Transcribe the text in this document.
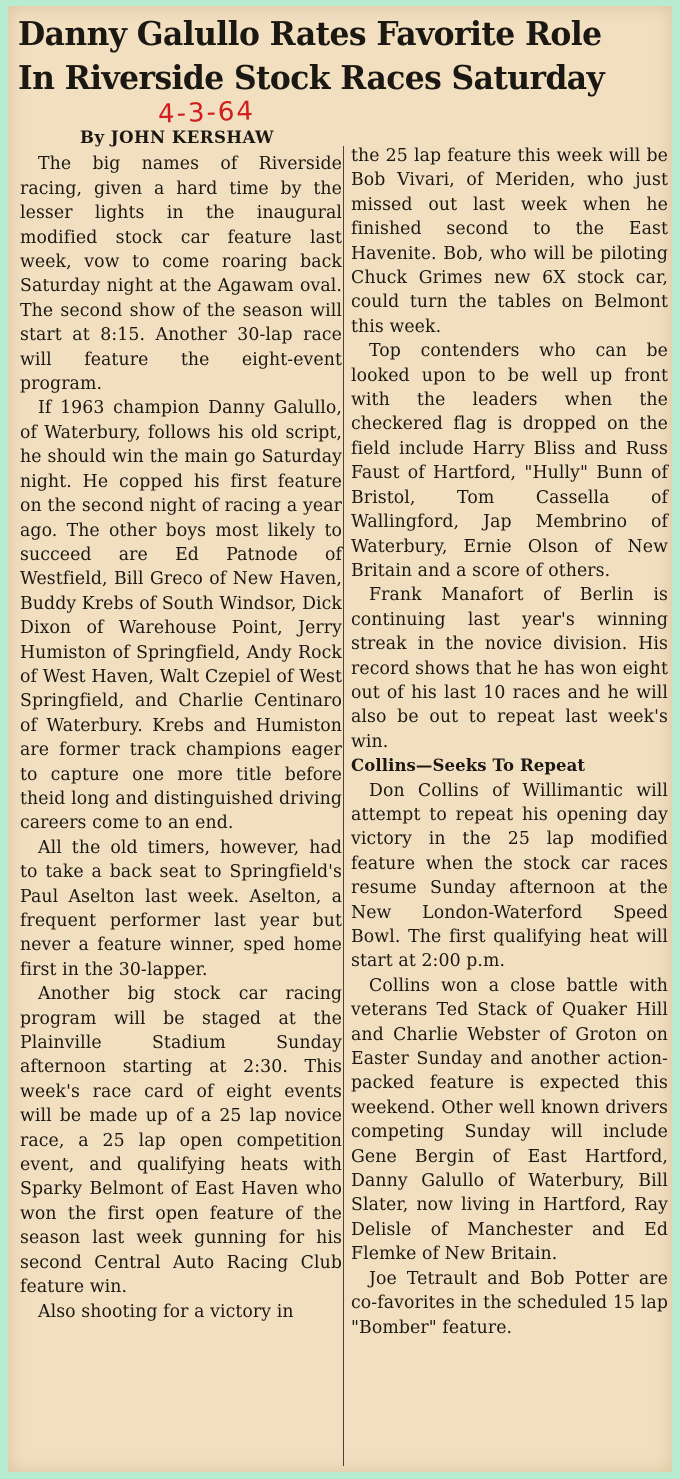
Danny Galullo Rates Favorite Role
In Riverside Stock Races Saturday
4-3-64
By JOHN KERSHAW

The big names of Riverside racing, given a hard time by the lesser lights in the inaugural modified stock car feature last week, vow to come roaring back Saturday night at the Agawam oval. The second show of the season will start at 8:15. Another 30-lap race will feature the eight-event program.

If 1963 champion Danny Galullo, of Waterbury, follows his old script, he should win the main go Saturday night. He copped his first feature on the second night of racing a year ago. The other boys most likely to succeed are Ed Patnode of Westfield, Bill Greco of New Haven, Buddy Krebs of South Windsor, Dick Dixon of Warehouse Point, Jerry Humiston of Springfield, Andy Rock of West Haven, Walt Czepiel of West Springfield, and Charlie Centinaro of Waterbury. Krebs and Humiston are former track champions eager to capture one more title before theid long and distinguished driving careers come to an end.

All the old timers, however, had to take a back seat to Springfield's Paul Aselton last week. Aselton, a frequent performer last year but never a feature winner, sped home first in the 30-lapper.

Another big stock car racing program will be staged at the Plainville Stadium Sunday afternoon starting at 2:30. This week's race card of eight events will be made up of a 25 lap novice race, a 25 lap open competition event, and qualifying heats with Sparky Belmont of East Haven who won the first open feature of the season last week gunning for his second Central Auto Racing Club feature win.

Also shooting for a victory in

the 25 lap feature this week will be Bob Vivari, of Meriden, who just missed out last week when he finished second to the East Havenite. Bob, who will be piloting Chuck Grimes new 6X stock car, could turn the tables on Belmont this week.

Top contenders who can be looked upon to be well up front with the leaders when the checkered flag is dropped on the field include Harry Bliss and Russ Faust of Hartford, "Hully" Bunn of Bristol, Tom Cassella of Wallingford, Jap Membrino of Waterbury, Ernie Olson of New Britain and a score of others.

Frank Manafort of Berlin is continuing last year's winning streak in the novice division. His record shows that he has won eight out of his last 10 races and he will also be out to repeat last week's win.

Collins—Seeks To Repeat

Don Collins of Willimantic will attempt to repeat his opening day victory in the 25 lap modified feature when the stock car races resume Sunday afternoon at the New London-Waterford Speed Bowl. The first qualifying heat will start at 2:00 p.m.

Collins won a close battle with veterans Ted Stack of Quaker Hill and Charlie Webster of Groton on Easter Sunday and another action-packed feature is expected this weekend. Other well known drivers competing Sunday will include Gene Bergin of East Hartford, Danny Galullo of Waterbury, Bill Slater, now living in Hartford, Ray Delisle of Manchester and Ed Flemke of New Britain.

Joe Tetrault and Bob Potter are co-favorites in the scheduled 15 lap "Bomber" feature.
